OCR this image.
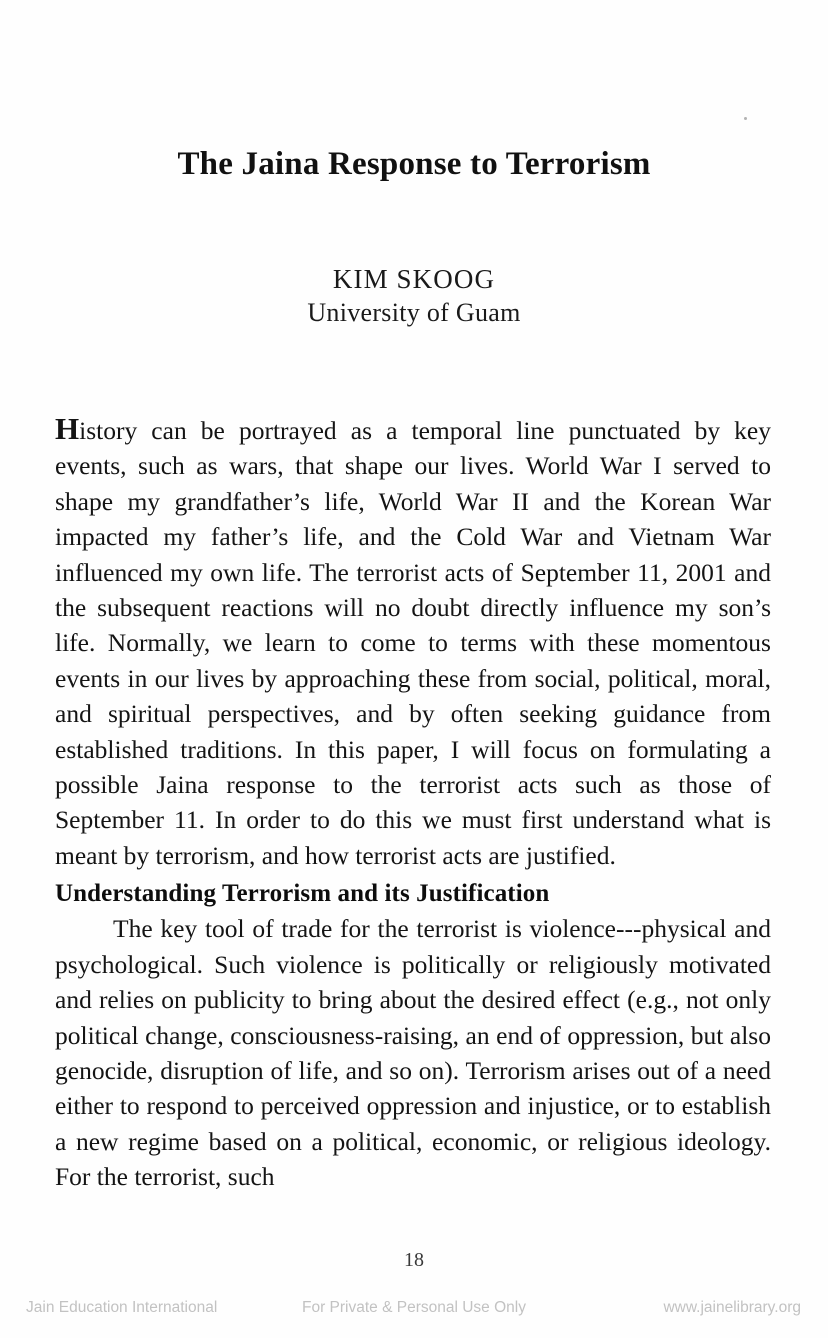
The Jaina Response to Terrorism
KIM SKOOG
University of Guam

History can be portrayed as a temporal line punctuated by key events, such as wars, that shape our lives. World War I served to shape my grandfather’s life, World War II and the Korean War impacted my father’s life, and the Cold War and Vietnam War influenced my own life. The terrorist acts of September 11, 2001 and the subsequent reactions will no doubt directly influence my son’s life. Normally, we learn to come to terms with these momentous events in our lives by approaching these from social, political, moral, and spiritual perspectives, and by often seeking guidance from established traditions. In this paper, I will focus on formulating a possible Jaina response to the terrorist acts such as those of September 11. In order to do this we must first understand what is meant by terrorism, and how terrorist acts are justified.

Understanding Terrorism and its Justification

The key tool of trade for the terrorist is violence---physical and psychological. Such violence is politically or religiously motivated and relies on publicity to bring about the desired effect (e.g., not only political change, consciousness-raising, an end of oppression, but also genocide, disruption of life, and so on). Terrorism arises out of a need either to respond to perceived oppression and injustice, or to establish a new regime based on a political, economic, or religious ideology. For the terrorist, such

18
Jain Education International	For Private & Personal Use Only	www.jainelibrary.org
